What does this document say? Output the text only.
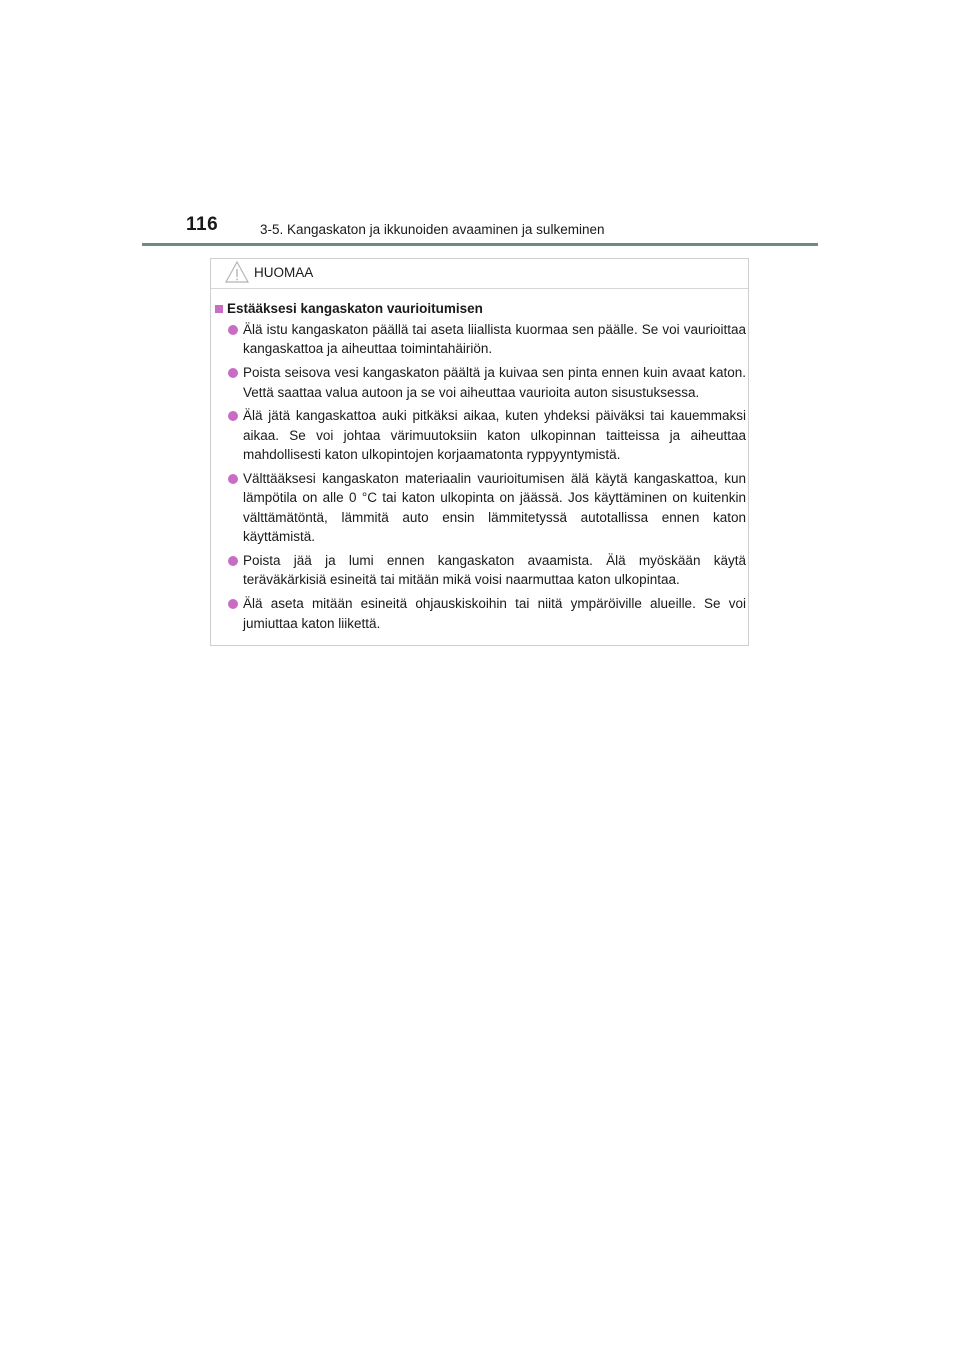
116	3-5. Kangaskaton ja ikkunoiden avaaminen ja sulkeminen
HUOMAA
Estääksesi kangaskaton vaurioitumisen
Älä istu kangaskaton päällä tai aseta liiallista kuormaa sen päälle. Se voi vaurioittaa kangaskattoa ja aiheuttaa toimintahäiriön.
Poista seisova vesi kangaskaton päältä ja kuivaa sen pinta ennen kuin avaat katon. Vettä saattaa valua autoon ja se voi aiheuttaa vaurioita auton sisustuksessa.
Älä jätä kangaskattoa auki pitkäksi aikaa, kuten yhdeksi päiväksi tai kauemmaksi aikaa. Se voi johtaa värimuutoksiin katon ulkopinnan taitteissa ja aiheuttaa mahdollisesti katon ulkopintojen korjaamatonta ryppyyntymistä.
Välttääksesi kangaskaton materiaalin vaurioitumisen älä käytä kangaskattoa, kun lämpötila on alle 0 °C tai katon ulkopinta on jäässä. Jos käyttäminen on kuitenkin välttämätöntä, lämmitä auto ensin lämmitetyssä autotallissa ennen katon käyttämistä.
Poista jää ja lumi ennen kangaskaton avaamista. Älä myöskään käytä teräväkärkisiä esineitä tai mitään mikä voisi naarmuttaa katon ulkopintaa.
Älä aseta mitään esineitä ohjauskiskoihin tai niitä ympäröiville alueille. Se voi jumiuttaa katon liikettä.
